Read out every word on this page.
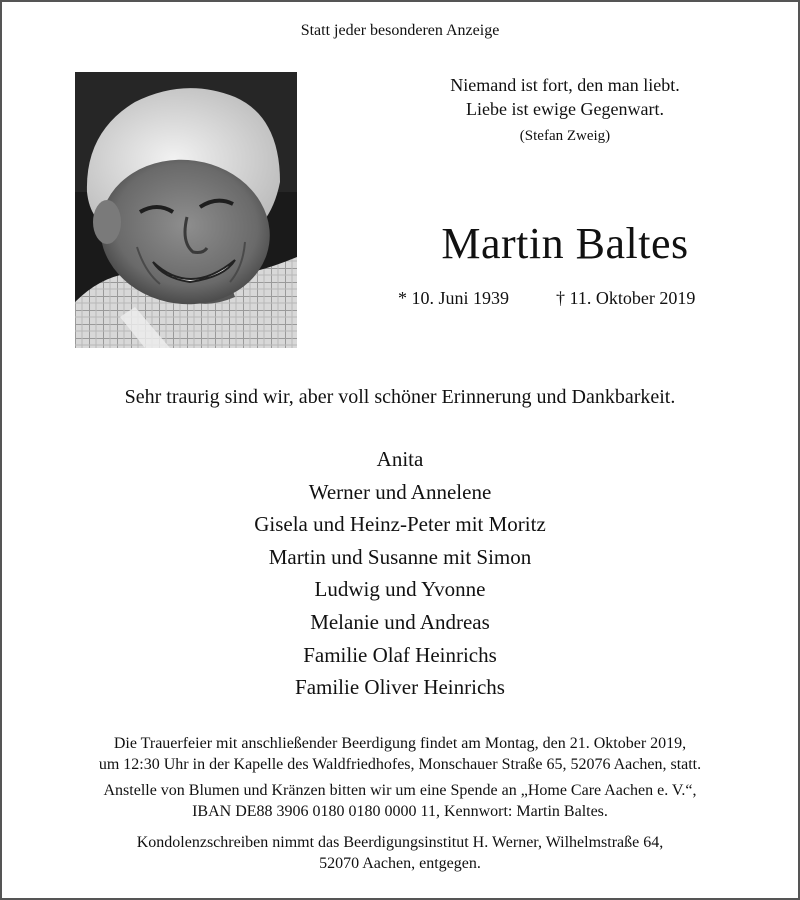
Statt jeder besonderen Anzeige
Niemand ist fort, den man liebt.
Liebe ist ewige Gegenwart.
(Stefan Zweig)
Martin Baltes
* 10. Juni 1939	† 11. Oktober 2019
Sehr traurig sind wir, aber voll schöner Erinnerung und Dankbarkeit.
Anita
Werner und Annelene
Gisela und Heinz-Peter mit Moritz
Martin und Susanne mit Simon
Ludwig und Yvonne
Melanie und Andreas
Familie Olaf Heinrichs
Familie Oliver Heinrichs
Die Trauerfeier mit anschließender Beerdigung findet am Montag, den 21. Oktober 2019,
um 12:30 Uhr in der Kapelle des Waldfriedhofes, Monschauer Straße 65, 52076 Aachen, statt.
Anstelle von Blumen und Kränzen bitten wir um eine Spende an „Home Care Aachen e. V.“,
IBAN DE88 3906 0180 0180 0000 11, Kennwort: Martin Baltes.
Kondolenzschreiben nimmt das Beerdigungsinstitut H. Werner, Wilhelmstraße 64,
52070 Aachen, entgegen.
